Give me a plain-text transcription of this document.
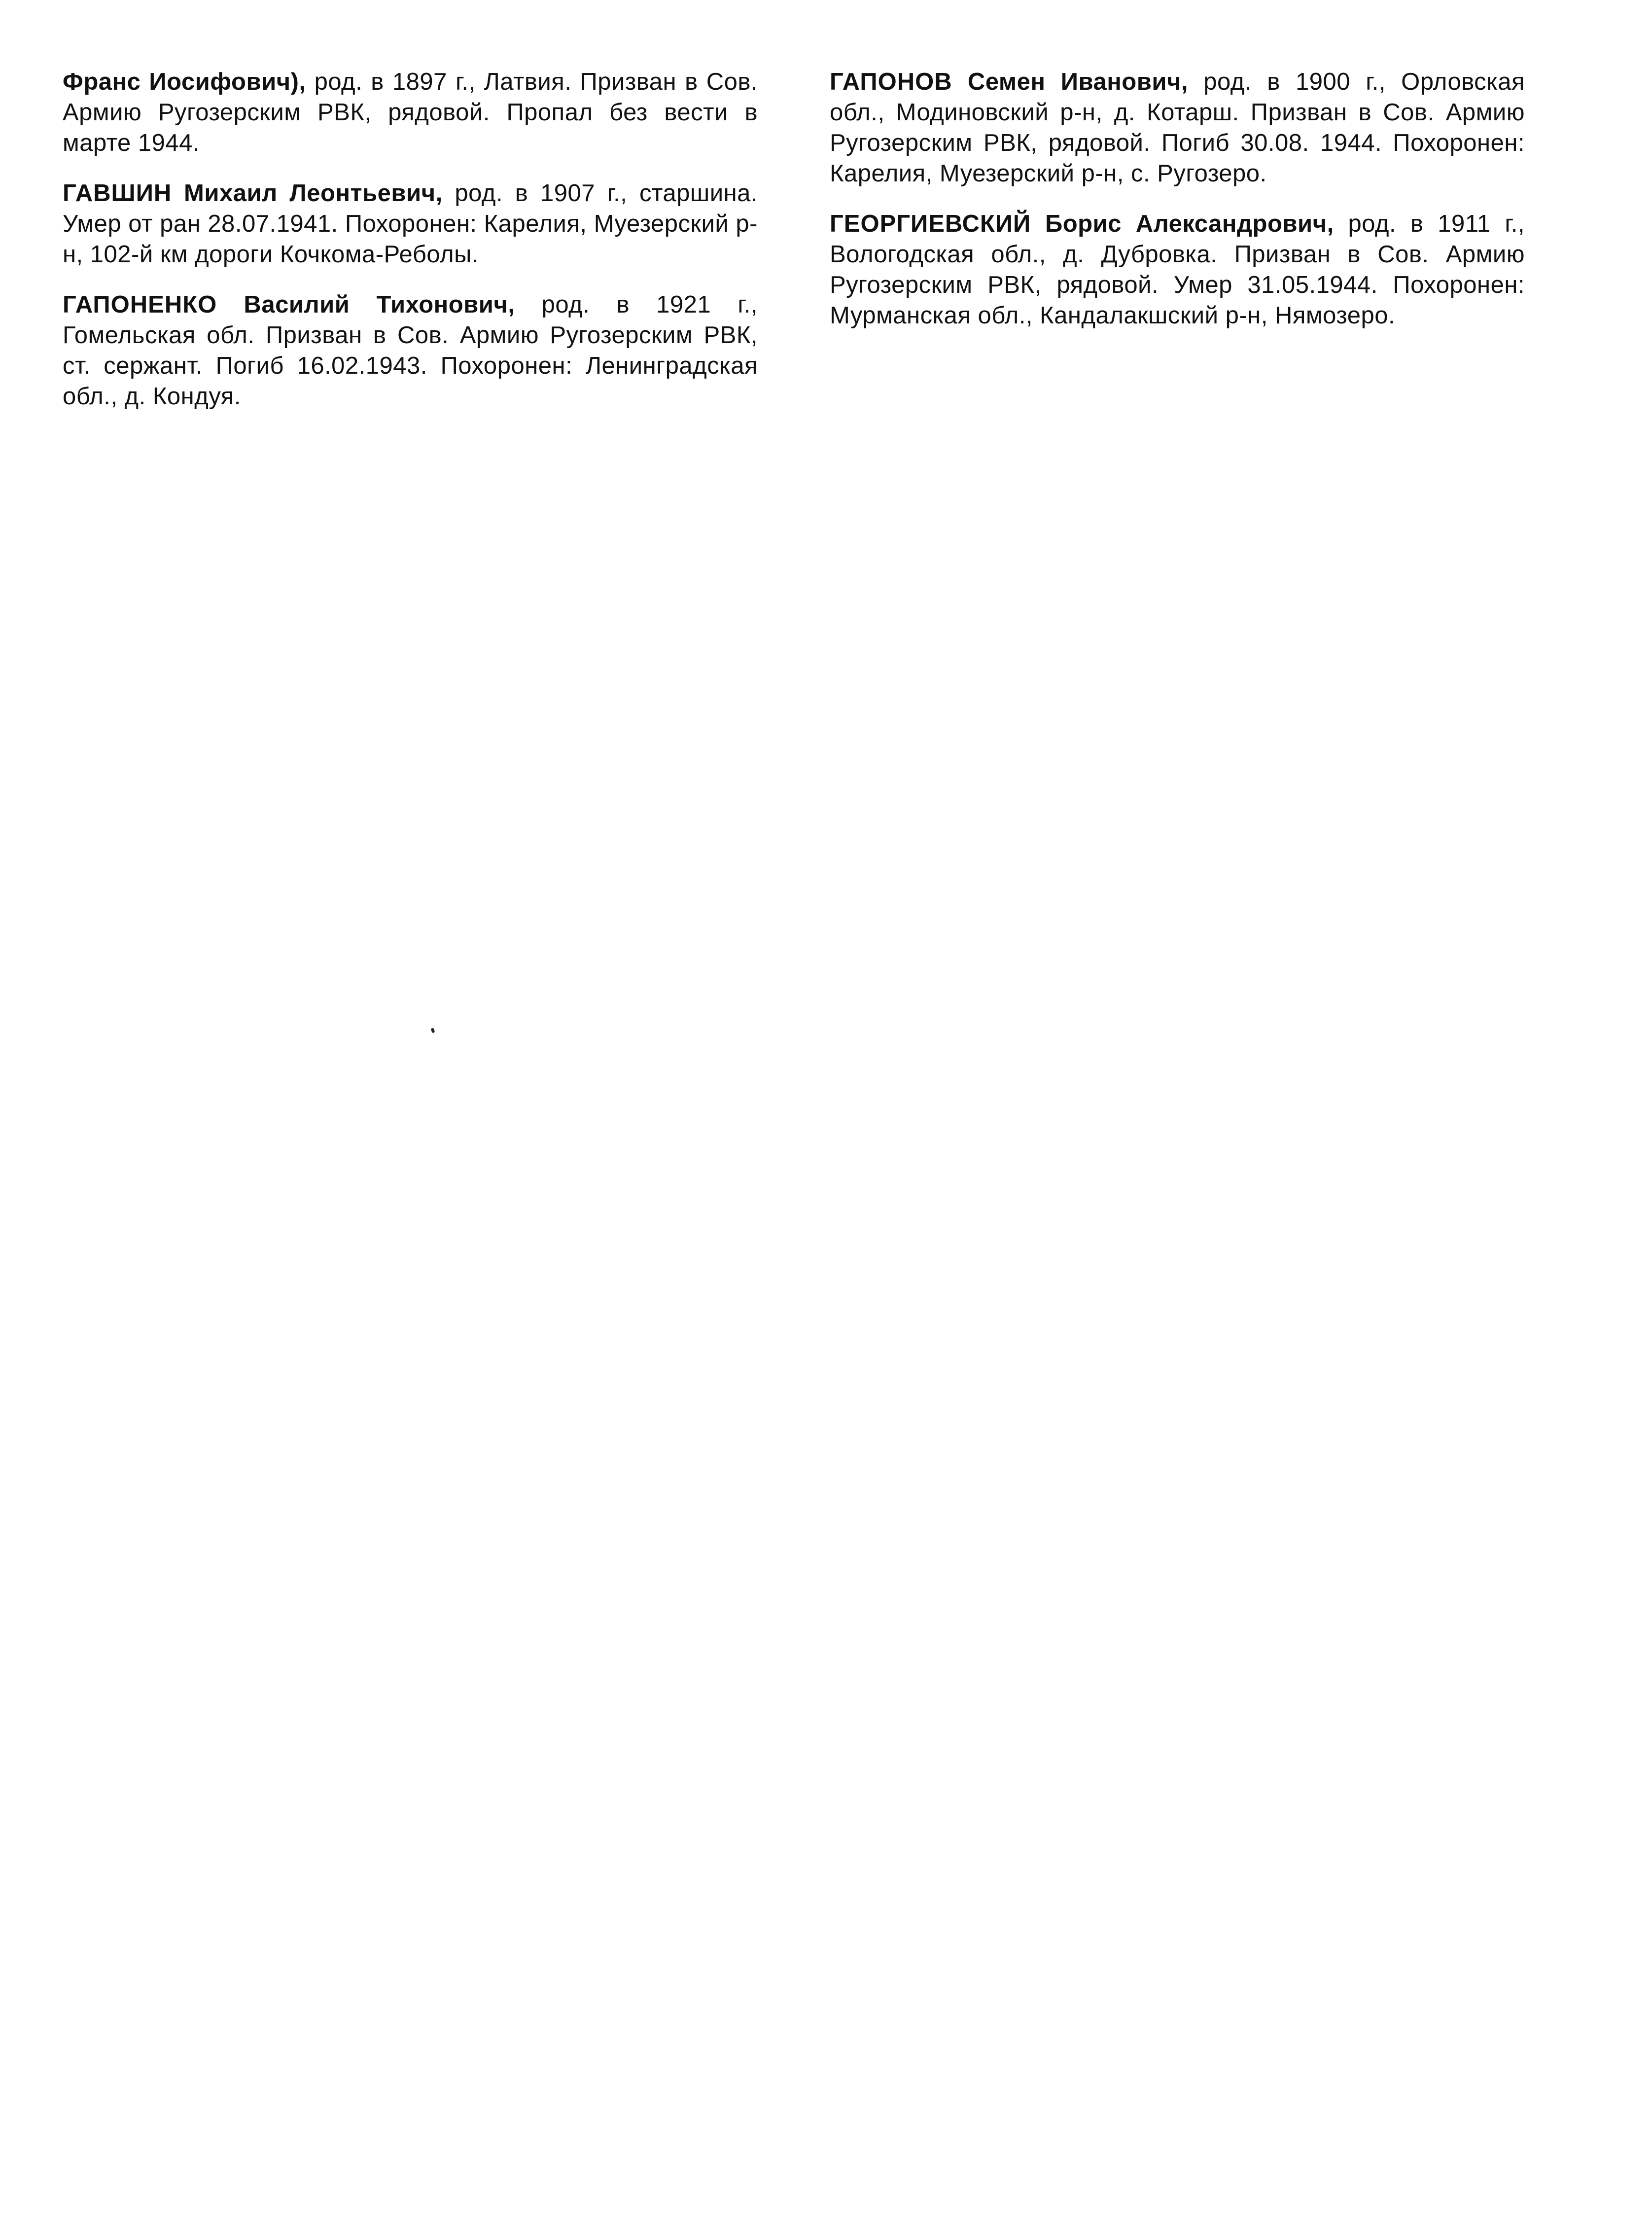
Франс Иосифович), род. в 1897 г., Латвия. Призван в Сов. Армию Ругозерским РВК, рядовой. Пропал без вести в марте 1944.

ГАВШИН Михаил Леонтьевич, род. в 1907 г., старшина. Умер от ран 28.07.1941. Похоронен: Карелия, Муезерский р-н, 102-й км дороги Кочкома-Реболы.

ГАПОНЕНКО Василий Тихонович, род. в 1921 г., Гомельская обл. Призван в Сов. Армию Ругозерским РВК, ст. сержант. Погиб 16.02.1943. Похоронен: Ленинградская обл., д. Кондуя.

ГАПОНОВ Семен Иванович, род. в 1900 г., Орловская обл., Модиновский р-н, д. Котарш. Призван в Сов. Армию Ругозерским РВК, рядовой. Погиб 30.08. 1944. Похоронен: Карелия, Муезерский р-н, с. Ругозеро.

ГЕОРГИЕВСКИЙ Борис Александрович, род. в 1911 г., Вологодская обл., д. Дубровка. Призван в Сов. Армию Ругозерским РВК, рядовой. Умер 31.05.1944. Похоронен: Мурманская обл., Кандалакшский р-н, Нямозеро.
